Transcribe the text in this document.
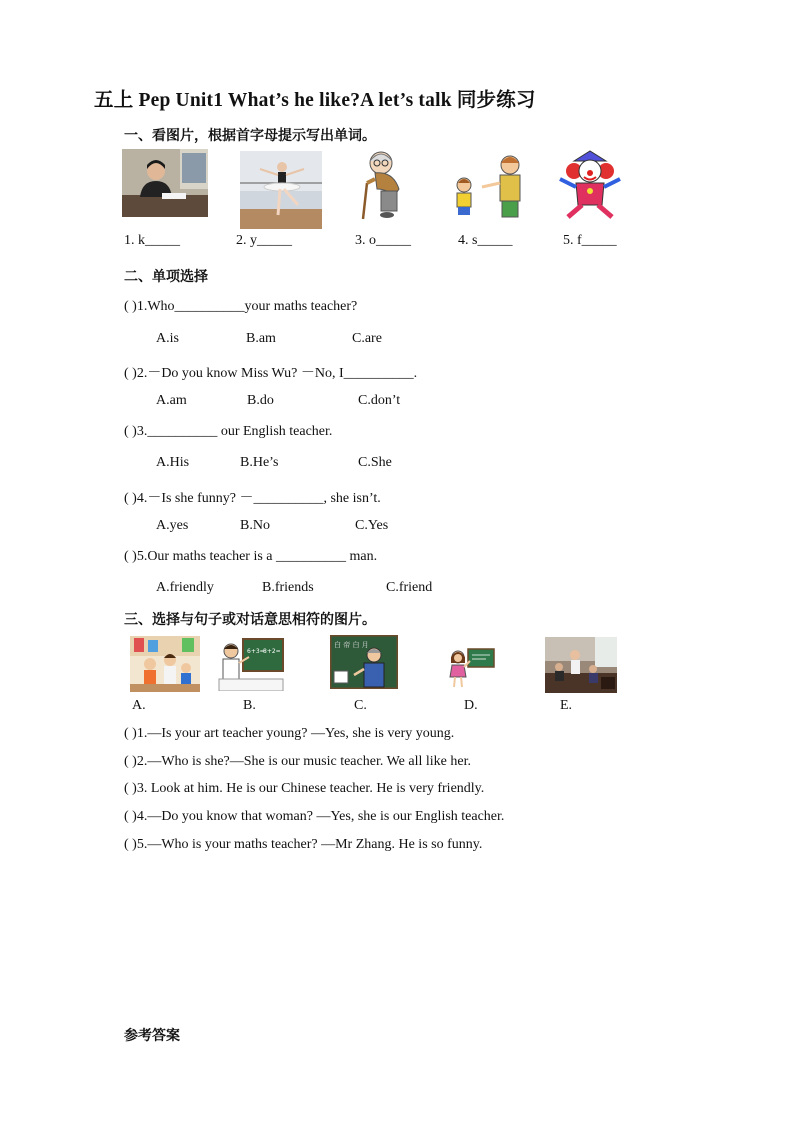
五上 Pep Unit1 What’s he like?A let’s talk 同步练习
一、看图片，根据首字母提示写出单词。
1. k_____	2. y_____	3. o_____	4. s_____	5. f_____
二、单项选择
( )1.Who__________your maths teacher?
A.is	B.am	C.are
( )2.－Do you know Miss Wu? －No, I__________.
A.am	B.do	C.don’t
( )3.__________ our English teacher.
A.His	B.He’s	C.She
( )4.－Is she funny? －__________, she isn’t.
A.yes	B.No	C.Yes
( )5.Our maths teacher is a __________ man.
A.friendly	B.friends	C.friend
三、选择与句子或对话意思相符的图片。
6+3=
8+2=
白 帝 白 月
A.	B.	C.	D.	E.
( )1.—Is your art teacher young? —Yes, she is very young.
( )2.—Who is she?—She is our music teacher. We all like her.
( )3. Look at him. He is our Chinese teacher. He is very friendly.
( )4.—Do you know that woman? —Yes, she is our English teacher.
( )5.—Who is your maths teacher? —Mr Zhang. He is so funny.
参考答案
